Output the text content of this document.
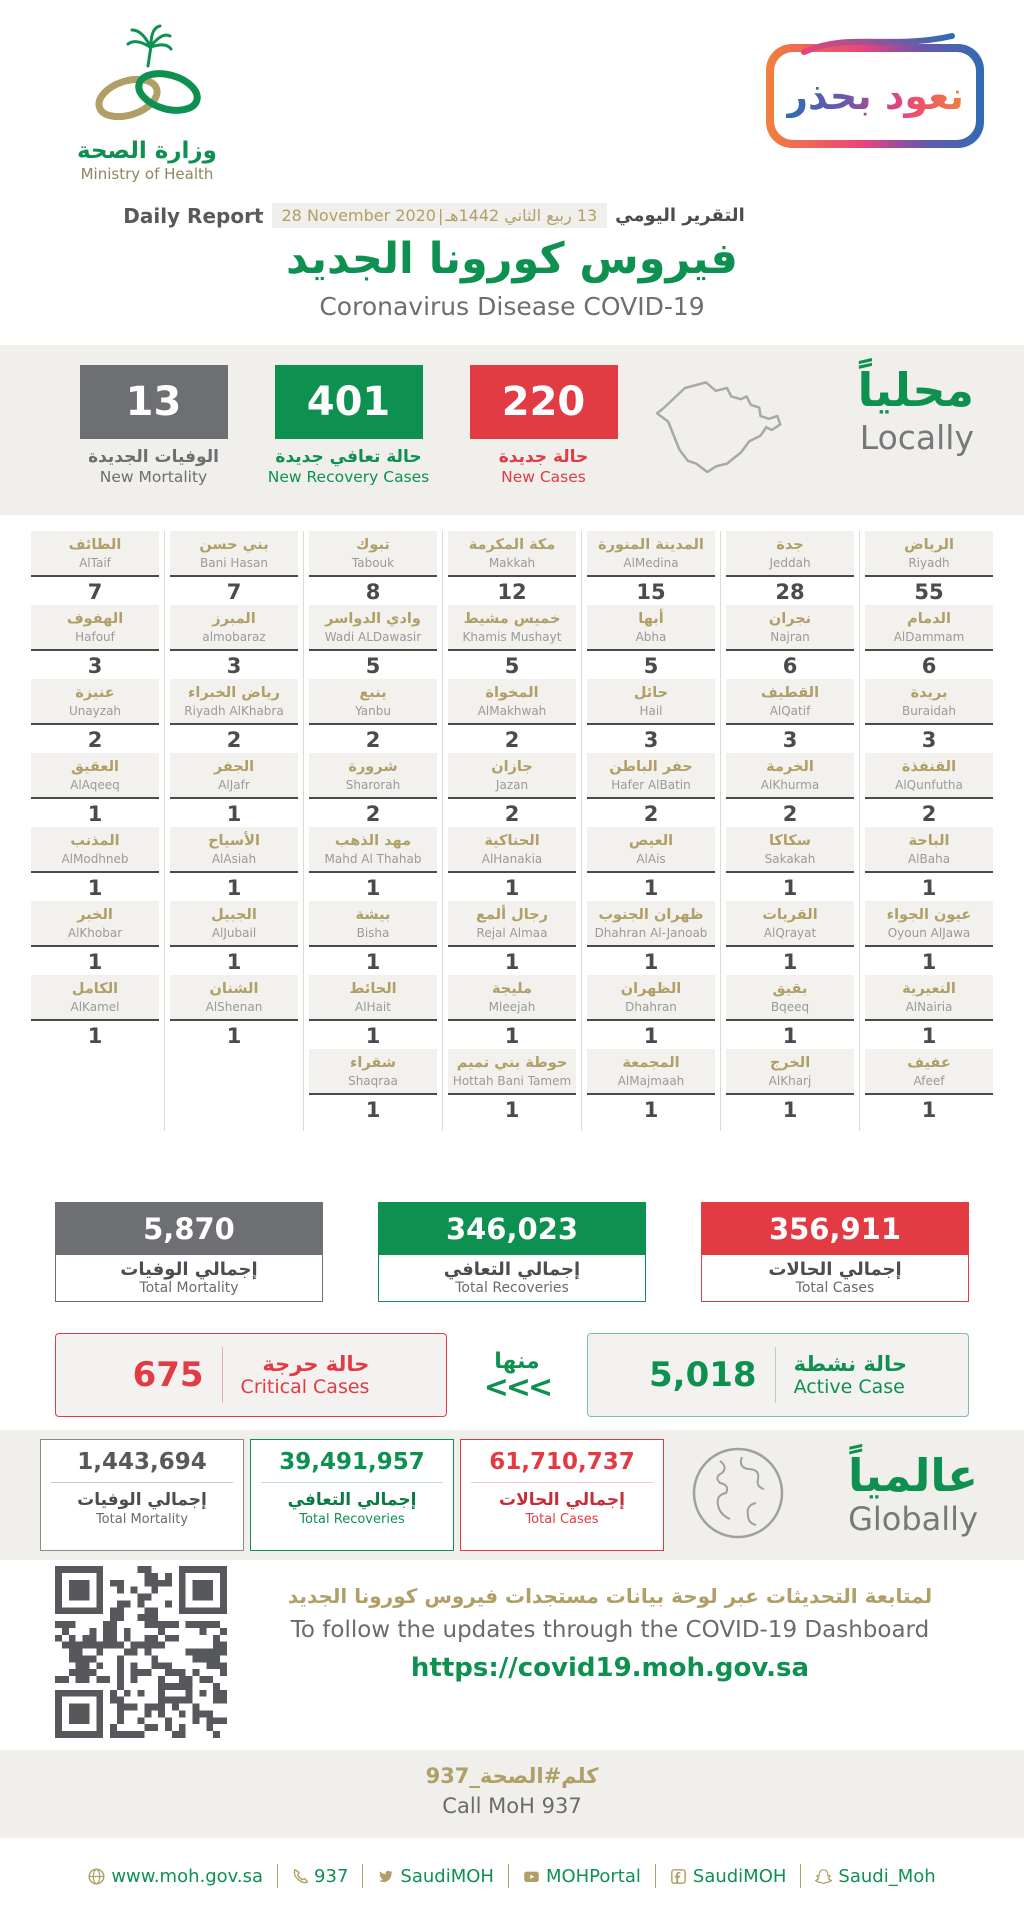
وزارة الصحة
Ministry of Health
نعود بحذر
Daily Report 28 November 2020 | 13 ربيع الثاني 1442هـ التقرير اليومي
فيروس كورونا الجديد
Coronavirus Disease COVID-19
13
الوفيات الجديدة
New Mortality
401
حالة تعافي جديدة
New Recovery Cases
220
حالة جديدة
New Cases
محلياً
Locally
الطائف
AlTaif
7
الهفوف
Hafouf
3
عنيزة
Unayzah
2
العقيق
AlAqeeq
1
المذنب
AlModhneb
1
الخبر
AlKhobar
1
الكامل
AlKamel
1
بني حسن
Bani Hasan
7
المبرز
almobaraz
3
رياض الخبراء
Riyadh AlKhabra
2
الجفر
AlJafr
1
الأسياح
AlAsiah
1
الجبيل
AlJubail
1
الشنان
AlShenan
1
تبوك
Tabouk
8
وادي الدواسر
Wadi ALDawasir
5
ينبع
Yanbu
2
شرورة
Sharorah
2
مهد الذهب
Mahd Al Thahab
1
بيشة
Bisha
1
الحائط
AlHait
1
شقراء
Shaqraa
1
مكة المكرمة
Makkah
12
خميس مشيط
Khamis Mushayt
5
المخواة
AlMakhwah
2
جازان
Jazan
2
الحناكية
AlHanakia
1
رجال ألمع
Rejal Almaa
1
مليجة
Mleejah
1
حوطة بني تميم
Hottah Bani Tamem
1
المدينة المنورة
AlMedina
15
أبها
Abha
5
حائل
Hail
3
حفر الباطن
Hafer AlBatin
2
العيص
AlAis
1
ظهران الجنوب
Dhahran Al-Janoab
1
الظهران
Dhahran
1
المجمعة
AlMajmaah
1
جدة
Jeddah
28
نجران
Najran
6
القطيف
AlQatif
3
الخرمة
AlKhurma
2
سكاكا
Sakakah
1
القريات
AlQrayat
1
بقيق
Bqeeq
1
الخرج
AlKharj
1
الرياض
Riyadh
55
الدمام
AlDammam
6
بريدة
Buraidah
3
القنفذة
AlQunfutha
2
الباحة
AlBaha
1
عيون الجواء
Oyoun AlJawa
1
النعيرية
AlNairia
1
عفيف
Afeef
1
5,870
إجمالي الوفيات
Total Mortality
346,023
إجمالي التعافي
Total Recoveries
356,911
إجمالي الحالات
Total Cases
675	حالة حرجة
Critical Cases
منها
<<<	5,018 حالة نشطة
Active Case
1,443,694
إجمالي الوفيات
Total Mortality
39,491,957
إجمالي التعافي
Total Recoveries
61,710,737
إجمالي الحالات
Total Cases
عالمياً
Globally
لمتابعة التحديثات عبر لوحة بيانات مستجدات فيروس كورونا الجديد
To follow the updates through the COVID-19 Dashboard
https://covid19.moh.gov.sa
كلم#الصحة_937
Call MoH 937
www.moh.gov.sa	937	SaudiMOH	MOHPortal	SaudiMOH	Saudi_Moh
